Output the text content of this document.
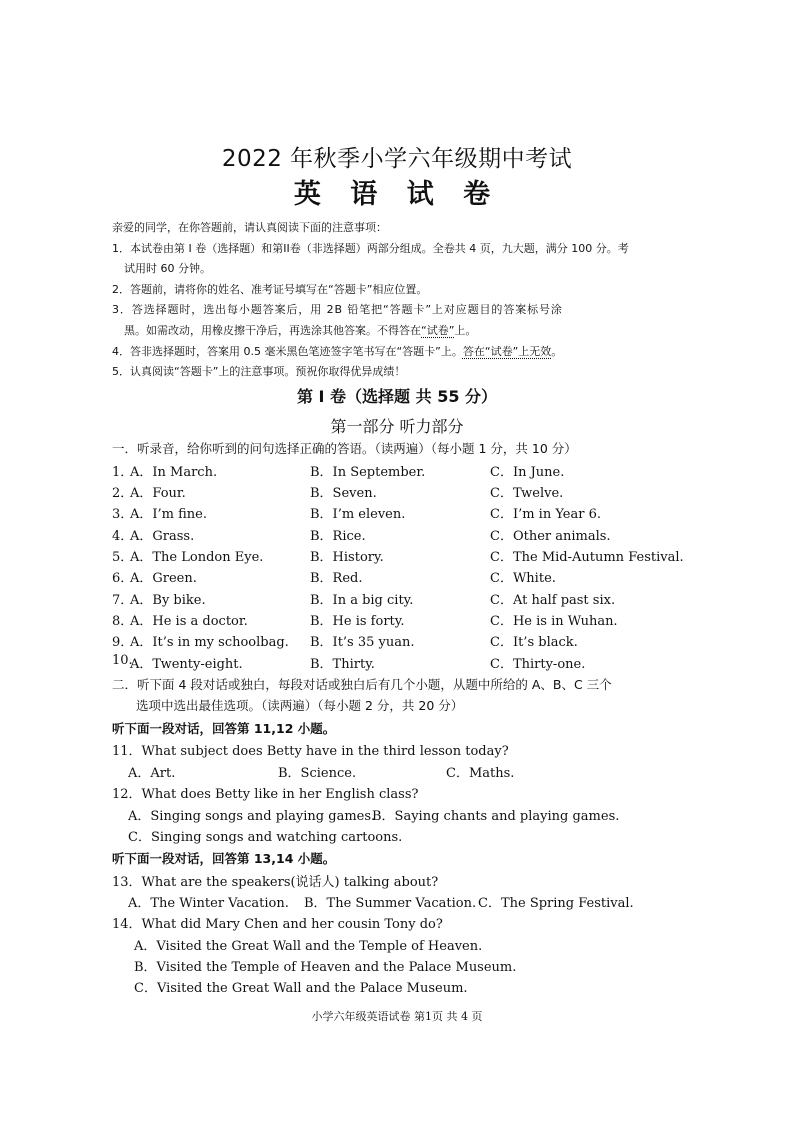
2022 年秋季小学六年级期中考试
英 语 试 卷
亲爱的同学，在你答题前，请认真阅读下面的注意事项：
1．本试卷由第 I 卷（选择题）和第II卷（非选择题）两部分组成。全卷共 4 页，九大题，满分 100 分。考
试用时 60 分钟。
2．答题前，请将你的姓名、准考证号填写在“答题卡”相应位置。
3．答选择题时，选出每小题答案后，用 2B 铅笔把“答题卡”上对应题目的答案标号涂
黑。如需改动，用橡皮擦干净后，再选涂其他答案。不得答在“试卷”上。
4．答非选择题时，答案用 0.5 毫米黑色笔迹签字笔书写在“答题卡”上。答在“试卷”上无效。
5．认真阅读“答题卡”上的注意事项。预祝你取得优异成绩！
第 I 卷（选择题 共 55 分）
第一部分 听力部分
一．听录音，给你听到的问句选择正确的答语。（读两遍）（每小题 1 分，共 10 分）
1．
A．In March.	B．In September.	C．In June.
2．
A．Four.	B．Seven.	C．Twelve.
3．
A．I’m fine.	B．I’m eleven.	C．I’m in Year 6.
4．
A．Grass.	B．Rice.	C．Other animals.
5．
A．The London Eye.	B．History.	C．The Mid-Autumn Festival.
6．
A．Green.	B．Red.	C．White.
7．
A．By bike.	B．In a big city.	C．At half past six.
8．
A．He is a doctor.	B．He is forty.	C．He is in Wuhan.
9．
A．It’s in my schoolbag. B．It’s 35 yuan.	C．It’s black.
10.
A．Twenty-eight.	B．Thirty.	C．Thirty-one.
二．听下面 4 段对话或独白，每段对话或独白后有几个小题，从题中所给的 A、B、C 三个
选项中选出最佳选项。（读两遍）（每小题 2 分，共 20 分）
听下面一段对话，回答第 11,12 小题。
11．What subject does Betty have in the third lesson today?
A．Art.	B．Science.	C．Maths.
12．What does Betty like in her English class?
A．Singing songs and playing games.
B．Saying chants and playing games.
C．Singing songs and watching cartoons.
听下面一段对话，回答第 13,14 小题。
13．What are the speakers(说话人) talking about?
A．The Winter Vacation. B．The Summer Vacation. C．The Spring Festival.
14．What did Mary Chen and her cousin Tony do?
A．Visited the Great Wall and the Temple of Heaven.
B．Visited the Temple of Heaven and the Palace Museum.
C．Visited the Great Wall and the Palace Museum.
小学六年级英语试卷 第1页 共 4 页
